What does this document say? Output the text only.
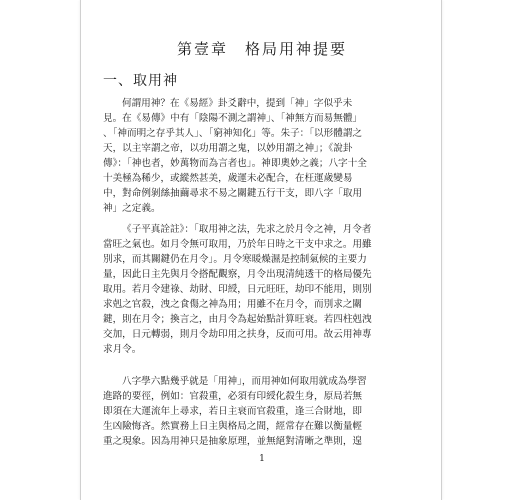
第壹章　格局用神提要
一、取用神
何謂用神？在《易經》卦爻辭中，提到「神」字似乎未
見。在《易傳》中有「陰陽不測之謂神」、「神無方而易無體」
、「神而明之存乎其人」、「窮神知化」等。朱子：「以形體謂之
天，以主宰謂之帝，以功用謂之鬼，以妙用謂之神」；《說卦
傳》：「神也者，妙萬物而為言者也」。神即奧妙之義；八字十全
十美極為稀少，或縱然甚美，歲運未必配合，在枉運歲變易
中，對命例剝絲抽繭尋求不易之關鍵五行干支，即八字「取用
神」之定義。
《子平真詮註》：「取用神之法，先求之於月令之神，月令者
當旺之氣也。如月令無可取用，乃於年日時之干支中求之。用雖
別求，而其關鍵仍在月令」。月令寒暖燥濕是控制氣候的主要力
量，因此日主先與月令搭配觀察，月令出現清純透干的格局優先
取用。若月令建祿、劫財、印綬，日元旺旺，劫印不能用，則別
求剋之官殺，洩之食傷之神為用；用雖不在月令，而別求之關
鍵，則在月令；換言之，由月令為起始點計算旺衰。若四柱剋洩
交加，日元轉弱，則月令劫印用之扶身，反而可用。故云用神專
求月令。
八字學六點幾乎就是「用神」，而用神如何取用就成為學習
進路的要徑，例如：官殺重，必須有印綬化殺生身，原局若無
即須在大運流年上尋求，若日主衰而官殺重，逢三合財地，即
生凶險悔吝。然實務上日主與格局之間，經常存在難以衡量輕
重之現象。因為用神只是抽象原理，並無絕對清晰之準則，遑
1
